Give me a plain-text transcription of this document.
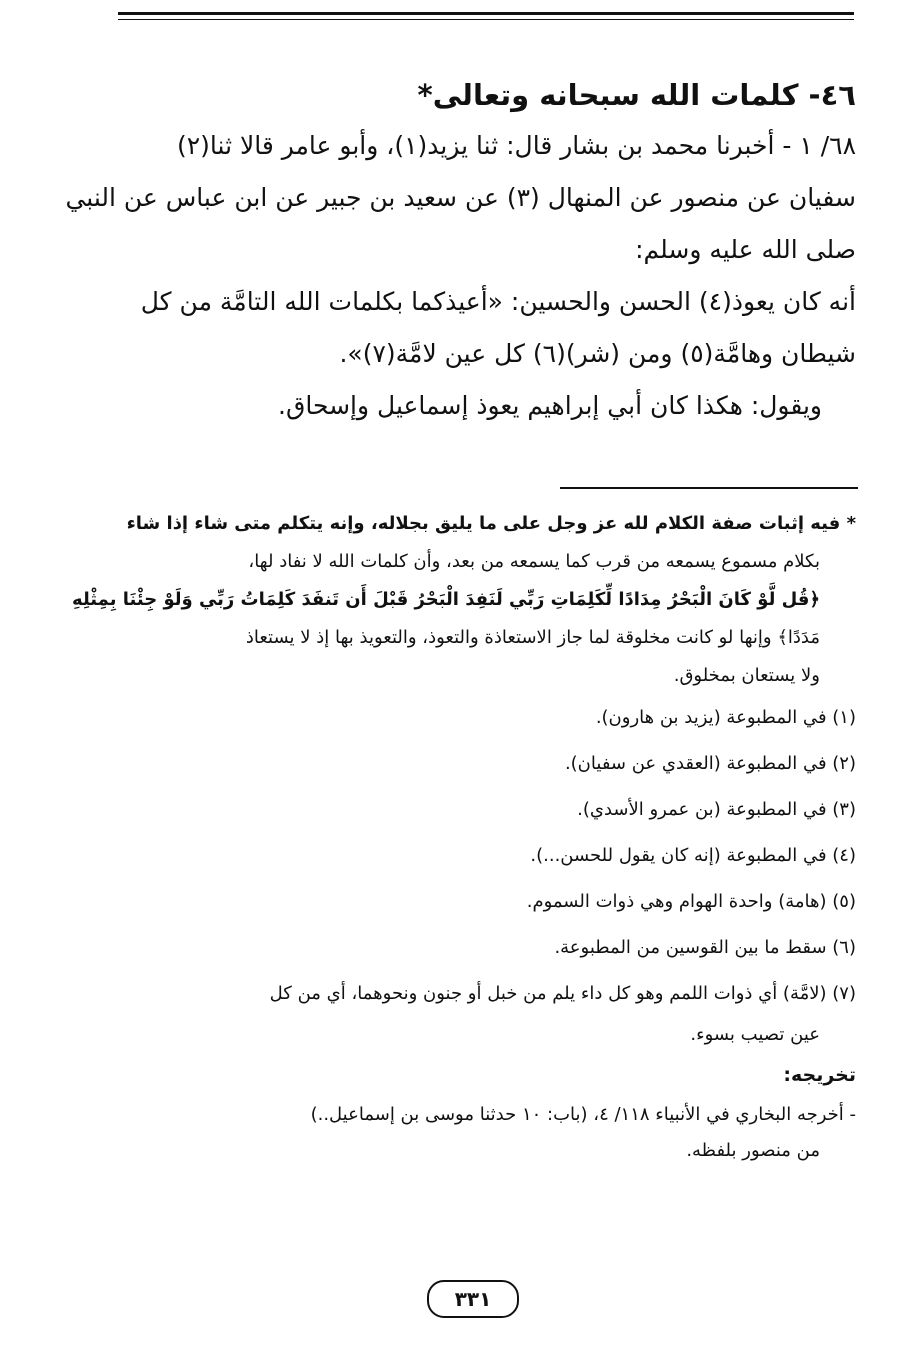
٤٦- كلمات الله سبحانه وتعالى*
٦٨/ ١ - أخبرنا محمد بن بشار قال: ثنا يزيد(١)، وأبو عامر قالا ثنا(٢)
سفيان عن منصور عن المنهال (٣) عن سعيد بن جبير عن ابن عباس عن النبي
صلى الله عليه وسلم:
أنه كان يعوذ(٤) الحسن والحسين: «أعيذكما بكلمات الله التامَّة من كل
شيطان وهامَّة(٥) ومن (شر)(٦) كل عين لامَّة(٧)».
ويقول: هكذا كان أبي إبراهيم يعوذ إسماعيل وإسحاق.
* فيه إثبات صفة الكلام لله عز وجل على ما يليق بجلاله، وإنه يتكلم متى شاء إذا شاء
بكلام مسموع يسمعه من قرب كما يسمعه من بعد، وأن كلمات الله لا نفاد لها،
﴿قُل لَّوْ كَانَ الْبَحْرُ مِدَادًا لِّكَلِمَاتِ رَبِّي لَنَفِدَ الْبَحْرُ قَبْلَ أَن تَنفَدَ كَلِمَاتُ رَبِّي وَلَوْ جِئْنَا بِمِثْلِهِ
مَدَدًا﴾ وإنها لو كانت مخلوقة لما جاز الاستعاذة والتعوذ، والتعويذ بها إذ لا يستعاذ
ولا يستعان بمخلوق.
(١) في المطبوعة (يزيد بن هارون).
(٢) في المطبوعة (العقدي عن سفيان).
(٣) في المطبوعة (بن عمرو الأسدي).
(٤) في المطبوعة (إنه كان يقول للحسن...).
(٥) (هامة) واحدة الهوام وهي ذوات السموم.
(٦) سقط ما بين القوسين من المطبوعة.
(٧) (لامَّة) أي ذوات اللمم وهو كل داء يلم من خبل أو جنون ونحوهما، أي من كل
عين تصيب بسوء.
تخريجه:
- أخرجه البخاري في الأنبياء ١١٨/ ٤، (باب: ١٠ حدثنا موسى بن إسماعيل..)
من منصور بلفظه.
٣٣١
